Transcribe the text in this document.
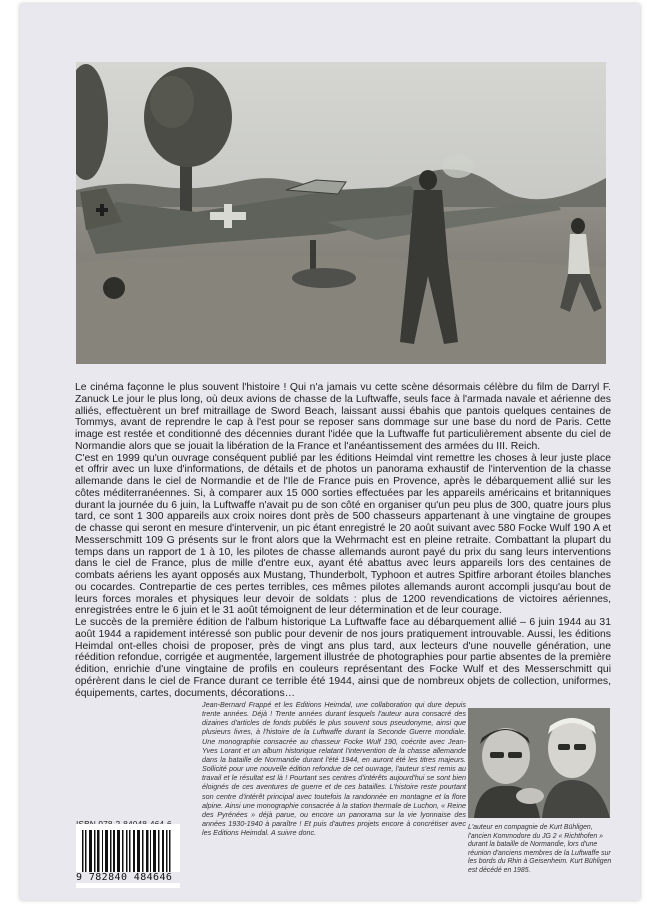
Le cinéma façonne le plus souvent l'histoire ! Qui n'a jamais vu cette scène désormais célèbre du film de Darryl F. Zanuck Le jour le plus long, où deux avions de chasse de la Luftwaffe, seuls face à l'armada navale et aérienne des alliés, effectuèrent un bref mitraillage de Sword Beach, laissant aussi ébahis que pantois quelques centaines de Tommys, avant de reprendre le cap à l'est pour se reposer sans dommage sur une base du nord de Paris. Cette image est restée et conditionné des décennies durant l'idée que la Luftwaffe fut particulièrement absente du ciel de Normandie alors que se jouait la libération de la France et l'anéantissement des armées du III. Reich.

C'est en 1999 qu'un ouvrage conséquent publié par les éditions Heimdal vint remettre les choses à leur juste place et offrir avec un luxe d'informations, de détails et de photos un panorama exhaustif de l'intervention de la chasse allemande dans le ciel de Normandie et de l'Ile de France puis en Provence, après le débarquement allié sur les côtes méditerranéennes. Si, à comparer aux 15 000 sorties effectuées par les appareils américains et britanniques durant la journée du 6 juin, la Luftwaffe n'avait pu de son côté en organiser qu'un peu plus de 300, quatre jours plus tard, ce sont 1 300 appareils aux croix noires dont près de 500 chasseurs appartenant à une vingtaine de groupes de chasse qui seront en mesure d'intervenir, un pic étant enregistré le 20 août suivant avec 580 Focke Wulf 190 A et Messerschmitt 109 G présents sur le front alors que la Wehrmacht est en pleine retraite. Combattant la plupart du temps dans un rapport de 1 à 10, les pilotes de chasse allemands auront payé du prix du sang leurs interventions dans le ciel de France, plus de mille d'entre eux, ayant été abattus avec leurs appareils lors des centaines de combats aériens les ayant opposés aux Mustang, Thunderbolt, Typhoon et autres Spitfire arborant étoiles blanches ou cocardes. Contrepartie de ces pertes terribles, ces mêmes pilotes allemands auront accompli jusqu'au bout de leurs forces morales et physiques leur devoir de soldats : plus de 1200 revendications de victoires aériennes, enregistrées entre le 6 juin et le 31 août témoignent de leur détermination et de leur courage.

Le succès de la première édition de l'album historique La Luftwaffe face au débarquement allié – 6 juin 1944 au 31 août 1944 a rapidement intéressé son public pour devenir de nos jours pratiquement introuvable. Aussi, les éditions Heimdal ont-elles choisi de proposer, près de vingt ans plus tard, aux lecteurs d'une nouvelle génération, une réédition refondue, corrigée et augmentée, largement illustrée de photographies pour partie absentes de la première édition, enrichie d'une vingtaine de profils en couleurs représentant des Focke Wulf et des Messerschmitt qui opérèrent dans le ciel de France durant ce terrible été 1944, ainsi que de nombreux objets de collection, uniformes, équipements, cartes, documents, décorations…

Jean-Bernard Frappé et les Editions Heimdal, une collaboration qui dure depuis trente années. Déjà ! Trente années durant lesquels l'auteur aura consacré des dizaines d'articles de fonds publiés le plus souvent sous pseudonyme, ainsi que plusieurs livres, à l'histoire de la Luftwaffe durant la Seconde Guerre mondiale. Une monographie consacrée au chasseur Focke Wulf 190, coécrite avec Jean-Yves Lorant et un album historique relatant l'intervention de la chasse allemande dans la bataille de Normandie durant l'été 1944, en auront été les titres majeurs. Sollicité pour une nouvelle édition refondue de cet ouvrage, l'auteur s'est remis au travail et le résultat est là ! Pourtant ses centres d'intérêts aujourd'hui se sont bien éloignés de ces aventures de guerre et de ces batailles. L'histoire reste pourtant son centre d'intérêt principal avec toutefois la randonnée en montagne et la flore alpine. Ainsi une monographie consacrée à la station thermale de Luchon, « Reine des Pyrénées » déjà parue, ou encore un panorama sur la vie lyonnaise des années 1930-1940 à paraître ! Et puis d'autres projets encore à concrétiser avec les Editions Heimdal. A suivre donc.
9 782840 484646
L'auteur en compagnie de Kurt Bühligen, l'ancien Kommodore du JG 2 « Richthofen » durant la bataille de Normandie, lors d'une réunion d'anciens membres de la Luftwaffe sur les bords du Rhin à Geisenheim. Kurt Bühligen est décédé en 1985.
